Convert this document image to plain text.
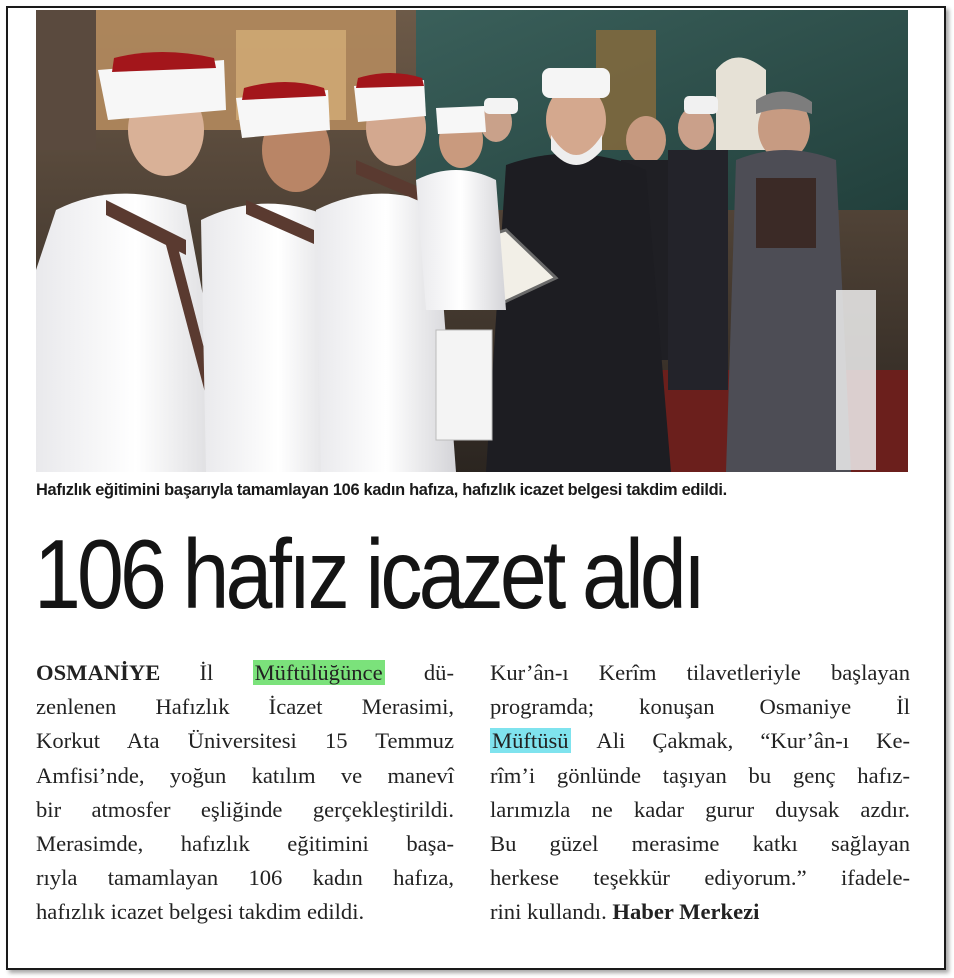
Hafızlık eğitimini başarıyla tamamlayan 106 kadın hafıza, hafızlık icazet belgesi takdim edildi.
106 hafız icazet aldı
OSMANİYE İl Müftülüğünce dü-
zenlenen Hafızlık İcazet Merasimi,
Korkut Ata Üniversitesi 15 Temmuz
Amfisi’nde, yoğun katılım ve manevî
bir atmosfer eşliğinde gerçekleştirildi.
Merasimde, hafızlık eğitimini başa-
rıyla tamamlayan 106 kadın hafıza,
hafızlık icazet belgesi takdim edildi.
Kur’ân-ı Kerîm tilavetleriyle başlayan
programda; konuşan Osmaniye İl
Müftüsü Ali Çakmak, “Kur’ân-ı Ke-
rîm’i gönlünde taşıyan bu genç hafız-
larımızla ne kadar gurur duysak azdır.
Bu güzel merasime katkı sağlayan
herkese teşekkür ediyorum.” ifadele-
rini kullandı. Haber Merkezi
